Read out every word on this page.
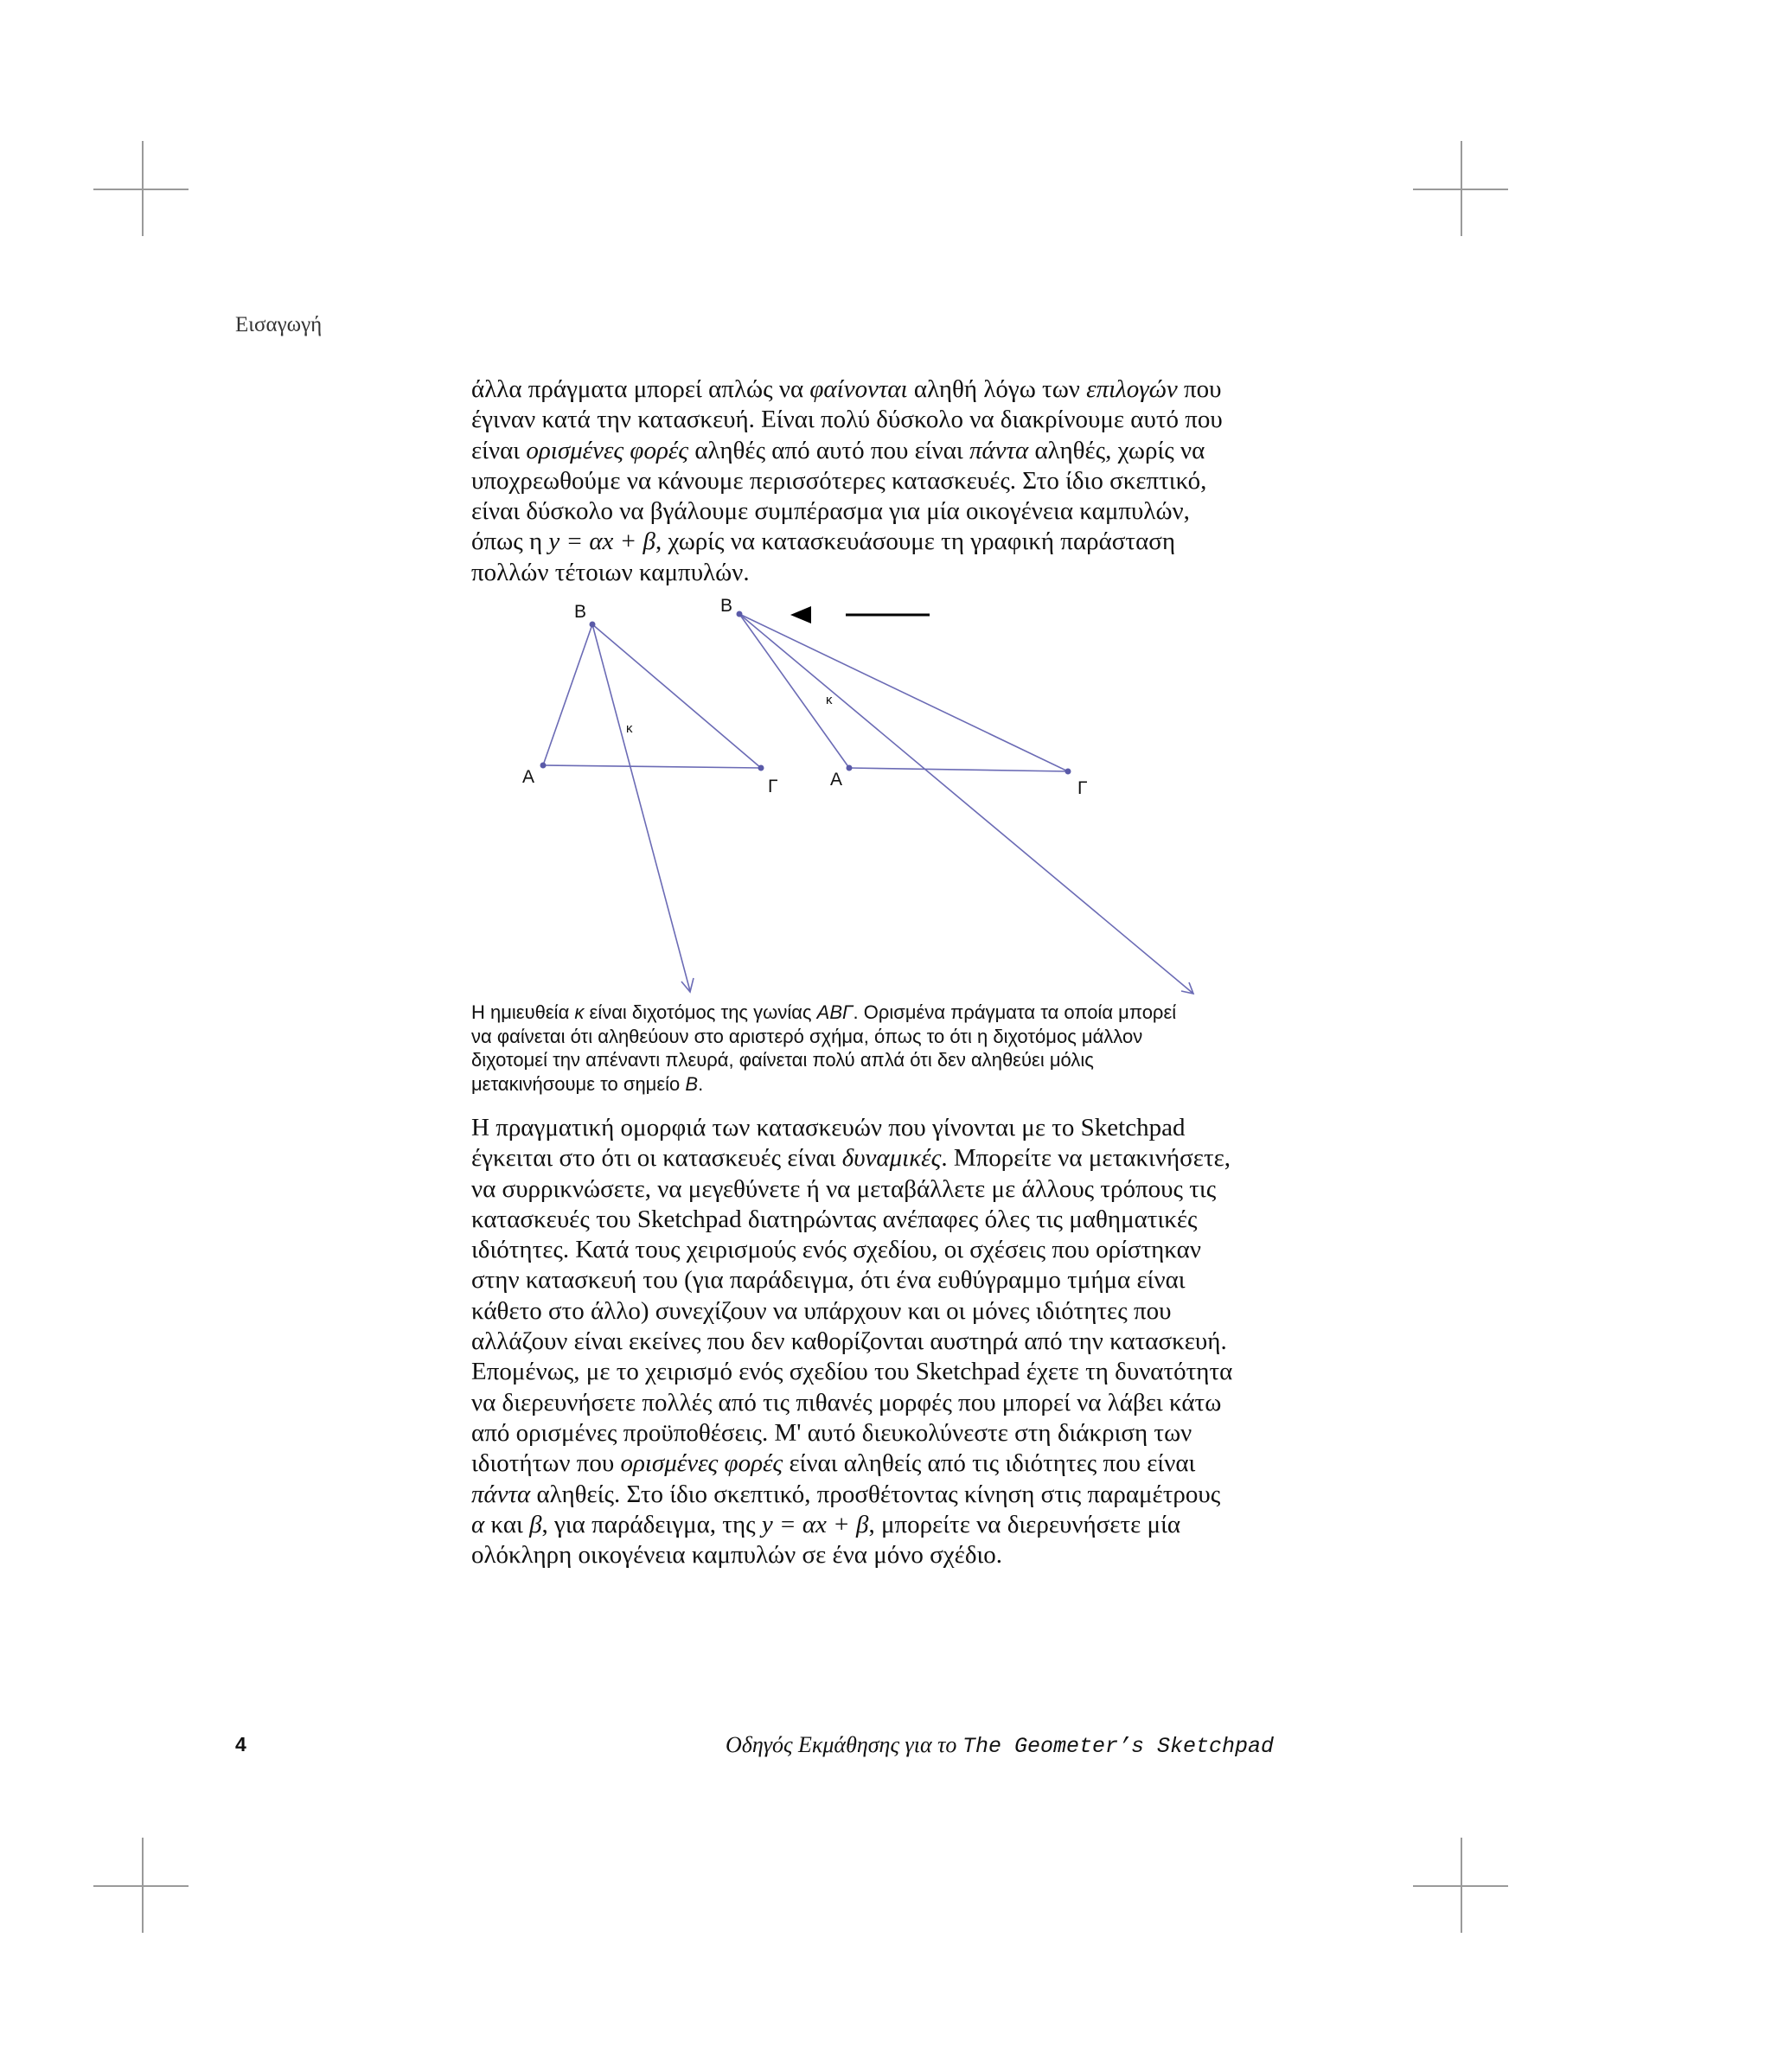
Εισαγωγή

άλλα πράγματα μπορεί απλώς να φαίνονται αληθή λόγω των επιλογών που
έγιναν κατά την κατασκευή. Είναι πολύ δύσκολο να διακρίνουμε αυτό που
είναι ορισμένες φορές αληθές από αυτό που είναι πάντα αληθές, χωρίς να
υποχρεωθούμε να κάνουμε περισσότερες κατασκευές. Στο ίδιο σκεπτικό,
είναι δύσκολο να βγάλουμε συμπέρασμα για μία οικογένεια καμπυλών,
όπως η y = αx + β, χωρίς να κατασκευάσουμε τη γραφική παράσταση
πολλών τέτοιων καμπυλών.

B
A	Γ
κ
B
A	Γ
κ
Η ημιευθεία κ είναι διχοτόμος της γωνίας ΑΒΓ. Ορισμένα πράγματα τα οποία μπορεί
να φαίνεται ότι αληθεύουν στο αριστερό σχήμα, όπως το ότι η διχοτόμος μάλλον
διχοτομεί την απέναντι πλευρά, φαίνεται πολύ απλά ότι δεν αληθεύει μόλις
μετακινήσουμε το σημείο Β.

Η πραγματική ομορφιά των κατασκευών που γίνονται με το Sketchpad
έγκειται στο ότι οι κατασκευές είναι δυναμικές. Μπορείτε να μετακινήσετε,
να συρρικνώσετε, να μεγεθύνετε ή να μεταβάλλετε με άλλους τρόπους τις
κατασκευές του Sketchpad διατηρώντας ανέπαφες όλες τις μαθηματικές
ιδιότητες. Κατά τους χειρισμούς ενός σχεδίου, οι σχέσεις που ορίστηκαν
στην κατασκευή του (για παράδειγμα, ότι ένα ευθύγραμμο τμήμα είναι
κάθετο στο άλλο) συνεχίζουν να υπάρχουν και οι μόνες ιδιότητες που
αλλάζουν είναι εκείνες που δεν καθορίζονται αυστηρά από την κατασκευή.
Επομένως, με το χειρισμό ενός σχεδίου του Sketchpad έχετε τη δυνατότητα
να διερευνήσετε πολλές από τις πιθανές μορφές που μπορεί να λάβει κάτω
από ορισμένες προϋποθέσεις. Μ' αυτό διευκολύνεστε στη διάκριση των
ιδιοτήτων που ορισμένες φορές είναι αληθείς από τις ιδιότητες που είναι
πάντα αληθείς. Στο ίδιο σκεπτικό, προσθέτοντας κίνηση στις παραμέτρους
α και β, για παράδειγμα, της y = αx + β, μπορείτε να διερευνήσετε μία
ολόκληρη οικογένεια καμπυλών σε ένα μόνο σχέδιο.

4	Οδηγός Εκμάθησης για το The Geometer’s Sketchpad
